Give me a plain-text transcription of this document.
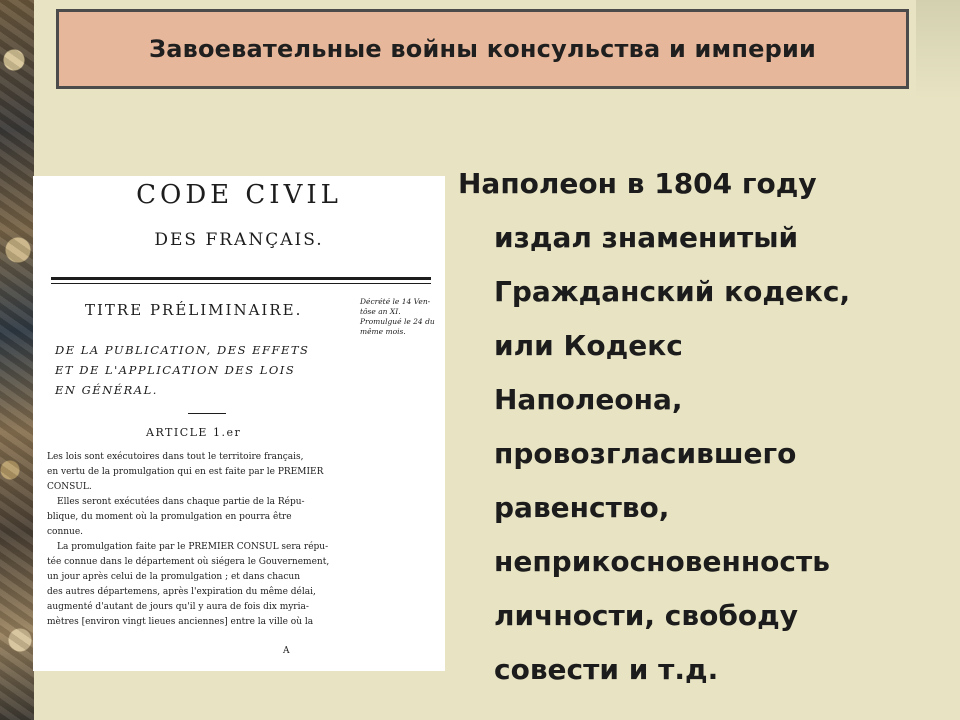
Завоевательные войны консульства и империи
CODE CIVIL
DES FRANÇAIS.
TITRE PRÉLIMINAIRE.	Décrété le 14 Ven-
tôse an XI.
Promulgué le 24 du
même mois.
DE LA PUBLICATION, DES EFFETS
ET DE L'APPLICATION DES LOIS
EN GÉNÉRAL.
ARTICLE 1.er
Les lois sont exécutoires dans tout le territoire français,
en vertu de la promulgation qui en est faite par le PREMIER
CONSUL.
Elles seront exécutées dans chaque partie de la Répu-
blique, du moment où la promulgation en pourra être
connue.
La promulgation faite par le PREMIER CONSUL sera répu-
tée connue dans le département où siégera le Gouvernement,
un jour après celui de la promulgation ; et dans chacun
des autres départemens, après l'expiration du même délai,
augmenté d'autant de jours qu'il y aura de fois dix myria-
mètres [environ vingt lieues anciennes] entre la ville où la
A
Наполеон в 1804 году
издал знаменитый
Гражданский кодекс,
или Кодекс
Наполеона,
провозгласившего
равенство,
неприкосновенность
личности, свободу
совести и т.д.
